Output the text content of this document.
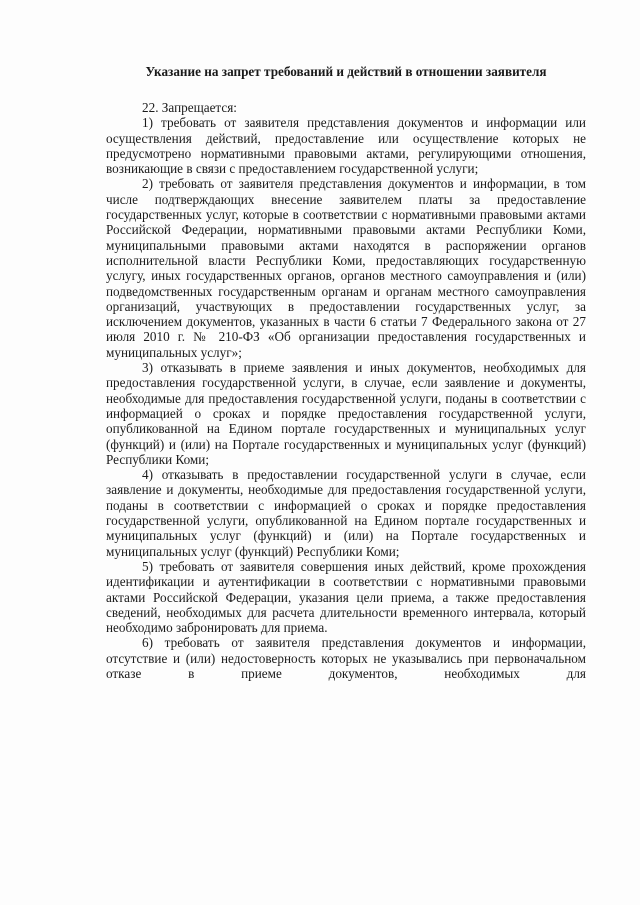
Указание на запрет требований и действий в отношении заявителя

22. Запрещается:

1) требовать от заявителя представления документов и информации или осуществления действий, предоставление или осуществление которых не предусмотрено нормативными правовыми актами, регулирующими отношения, возникающие в связи с предоставлением государственной услуги;

2) требовать от заявителя представления документов и информации, в том числе подтверждающих внесение заявителем платы за предоставление государственных услуг, которые в соответствии с нормативными правовыми актами Российской Федерации, нормативными правовыми актами Республики Коми, муниципальными правовыми актами находятся в распоряжении органов исполнительной власти Республики Коми, предоставляющих государственную услугу, иных государственных органов, органов местного самоуправления и (или) подведомственных государственным органам и органам местного самоуправления организаций, участвующих в предоставлении государственных услуг, за исключением документов, указанных в части 6 статьи 7 Федерального закона от 27 июля 2010 г. № 210-ФЗ «Об организации предоставления государственных и муниципальных услуг»;

3) отказывать в приеме заявления и иных документов, необходимых для предоставления государственной услуги, в случае, если заявление и документы, необходимые для предоставления государственной услуги, поданы в соответствии с информацией о сроках и порядке предоставления государственной услуги, опубликованной на Едином портале государственных и муниципальных услуг (функций) и (или) на Портале государственных и муниципальных услуг (функций) Республики Коми;

4) отказывать в предоставлении государственной услуги в случае, если заявление и документы, необходимые для предоставления государственной услуги, поданы в соответствии с информацией о сроках и порядке предоставления государственной услуги, опубликованной на Едином портале государственных и муниципальных услуг (функций) и (или) на Портале государственных и муниципальных услуг (функций) Республики Коми;

5) требовать от заявителя совершения иных действий, кроме прохождения идентификации и аутентификации в соответствии с нормативными правовыми актами Российской Федерации, указания цели приема, а также предоставления сведений, необходимых для расчета длительности временного интервала, который необходимо забронировать для приема.

6) требовать от заявителя представления документов и информации, отсутствие и (или) недостоверность которых не указывались при первоначальном отказе в приеме документов, необходимых для
